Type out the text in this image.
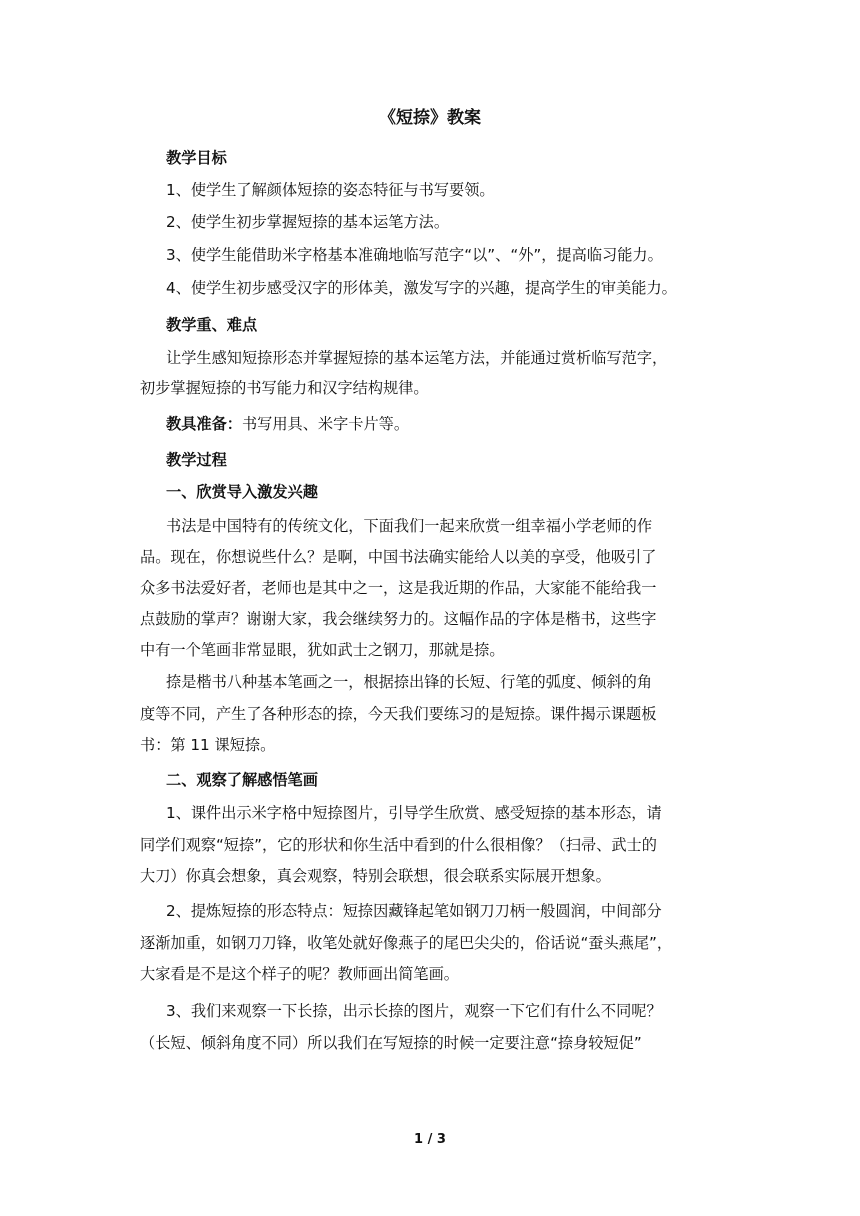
《短捺》教案
教学目标
1、使学生了解颜体短捺的姿态特征与书写要领。
2、使学生初步掌握短捺的基本运笔方法。
3、使学生能借助米字格基本准确地临写范字“以”、“外”，提高临习能力。
4、使学生初步感受汉字的形体美，激发写字的兴趣，提高学生的审美能力。
教学重、难点
让学生感知短捺形态并掌握短捺的基本运笔方法，并能通过赏析临写范字，
初步掌握短捺的书写能力和汉字结构规律。
教具准备：书写用具、米字卡片等。
教学过程
一、欣赏导入激发兴趣
书法是中国特有的传统文化，下面我们一起来欣赏一组幸福小学老师的作
品。现在，你想说些什么？是啊，中国书法确实能给人以美的享受，他吸引了
众多书法爱好者，老师也是其中之一，这是我近期的作品，大家能不能给我一
点鼓励的掌声？谢谢大家，我会继续努力的。这幅作品的字体是楷书，这些字
中有一个笔画非常显眼，犹如武士之钢刀，那就是捺。
捺是楷书八种基本笔画之一，根据捺出锋的长短、行笔的弧度、倾斜的角
度等不同，产生了各种形态的捺，今天我们要练习的是短捺。课件揭示课题板
书：第 11 课短捺。
二、观察了解感悟笔画
1、课件出示米字格中短捺图片，引导学生欣赏、感受短捺的基本形态，请
同学们观察“短捺”，它的形状和你生活中看到的什么很相像？（扫帚、武士的
大刀）你真会想象，真会观察，特别会联想，很会联系实际展开想象。
2、提炼短捺的形态特点：短捺因藏锋起笔如钢刀刀柄一般圆润，中间部分
逐渐加重，如钢刀刀锋，收笔处就好像燕子的尾巴尖尖的，俗话说“蚕头燕尾”，
大家看是不是这个样子的呢？教师画出简笔画。
3、我们来观察一下长捺，出示长捺的图片，观察一下它们有什么不同呢？
（长短、倾斜角度不同）所以我们在写短捺的时候一定要注意“捺身较短促”
1 / 3
